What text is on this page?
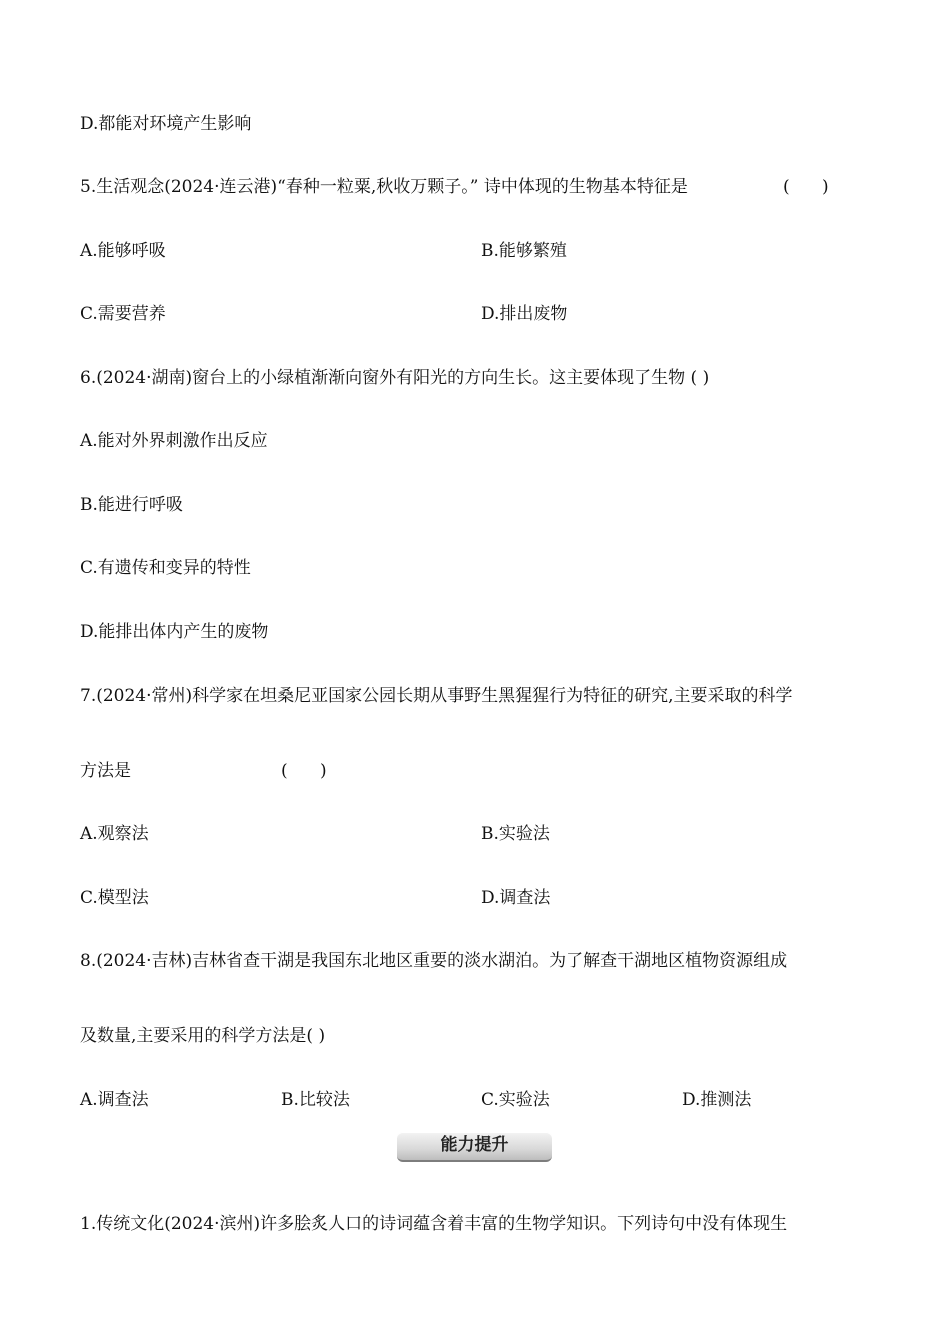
D.都能对环境产生影响
5.生活观念(2024·连云港)“春种一粒粟,秋收万颗子。” 诗中体现的生物基本特征是	(      )
A.能够呼吸	B.能够繁殖
C.需要营养	D.排出废物
6.(2024·湖南)窗台上的小绿植渐渐向窗外有阳光的方向生长。这主要体现了生物 ( )
A.能对外界刺激作出反应
B.能进行呼吸
C.有遗传和变异的特性
D.能排出体内产生的废物
7.(2024·常州)科学家在坦桑尼亚国家公园长期从事野生黑猩猩行为特征的研究,主要采取的科学
方法是	(      )
A.观察法	B.实验法
C.模型法	D.调查法
8.(2024·吉林)吉林省查干湖是我国东北地区重要的淡水湖泊。为了解查干湖地区植物资源组成
及数量,主要采用的科学方法是( )
A.调查法	B.比较法	C.实验法	D.推测法
能力提升
1.传统文化(2024·滨州)许多脍炙人口的诗词蕴含着丰富的生物学知识。下列诗句中没有体现生
